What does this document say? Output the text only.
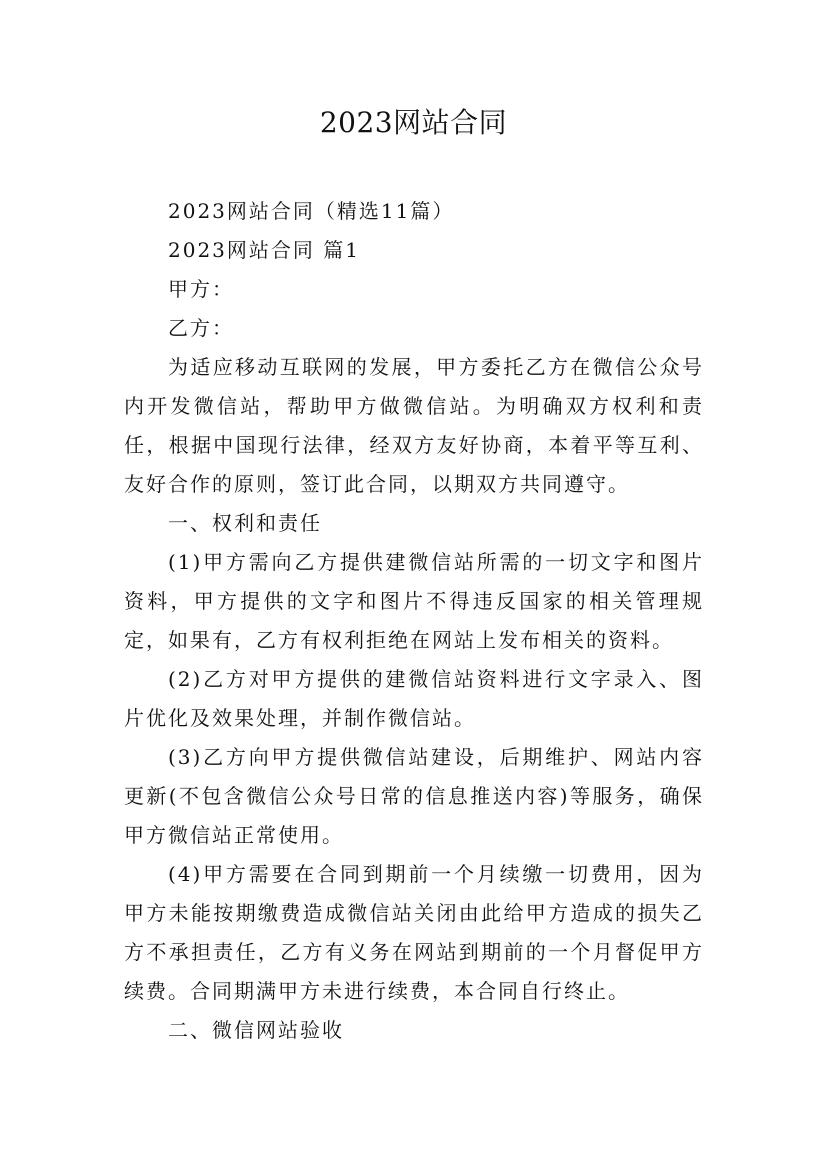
2023网站合同

2023网站合同（精选11篇）

2023网站合同 篇1

甲方：

乙方：

为适应移动互联网的发展，甲方委托乙方在微信公众号内开发微信站，帮助甲方做微信站。为明确双方权利和责任，根据中国现行法律，经双方友好协商，本着平等互利、友好合作的原则，签订此合同，以期双方共同遵守。

一、权利和责任

(1)甲方需向乙方提供建微信站所需的一切文字和图片资料，甲方提供的文字和图片不得违反国家的相关管理规定，如果有，乙方有权利拒绝在网站上发布相关的资料。

(2)乙方对甲方提供的建微信站资料进行文字录入、图片优化及效果处理，并制作微信站。

(3)乙方向甲方提供微信站建设，后期维护、网站内容更新(不包含微信公众号日常的信息推送内容)等服务，确保甲方微信站正常使用。

(4)甲方需要在合同到期前一个月续缴一切费用，因为甲方未能按期缴费造成微信站关闭由此给甲方造成的损失乙方不承担责任，乙方有义务在网站到期前的一个月督促甲方续费。合同期满甲方未进行续费，本合同自行终止。

二、微信网站验收
